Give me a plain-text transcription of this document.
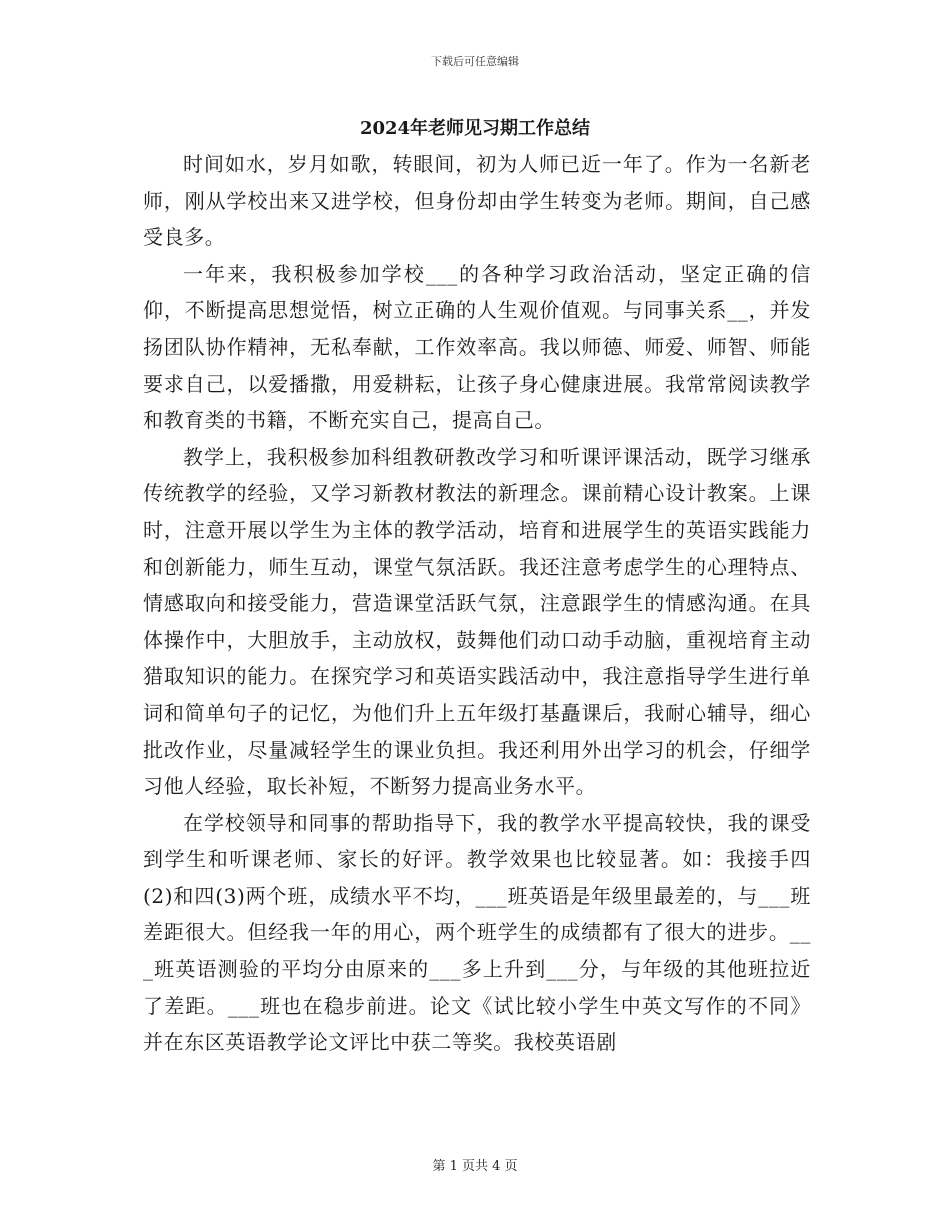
下载后可任意编辑
2024年老师见习期工作总结

时间如水，岁月如歌，转眼间，初为人师已近一年了。作为一名新老师，刚从学校出来又进学校，但身份却由学生转变为老师。期间，自己感受良多。

一年来，我积极参加学校___的各种学习政治活动，坚定正确的信仰，不断提高思想觉悟，树立正确的人生观价值观。与同事关系__，并发扬团队协作精神，无私奉献，工作效率高。我以师德、师爱、师智、师能要求自己，以爱播撒，用爱耕耘，让孩子身心健康进展。我常常阅读教学和教育类的书籍，不断充实自己，提高自己。

教学上，我积极参加科组教研教改学习和听课评课活动，既学习继承传统教学的经验，又学习新教材教法的新理念。课前精心设计教案。上课时，注意开展以学生为主体的教学活动，培育和进展学生的英语实践能力和创新能力，师生互动，课堂气氛活跃。我还注意考虑学生的心理特点、情感取向和接受能力，营造课堂活跃气氛，注意跟学生的情感沟通。在具体操作中，大胆放手，主动放权，鼓舞他们动口动手动脑，重视培育主动猎取知识的能力。在探究学习和英语实践活动中，我注意指导学生进行单词和简单句子的记忆，为他们升上五年级打基矗课后，我耐心辅导，细心批改作业，尽量减轻学生的课业负担。我还利用外出学习的机会，仔细学习他人经验，取长补短，不断努力提高业务水平。

在学校领导和同事的帮助指导下，我的教学水平提高较快，我的课受到学生和听课老师、家长的好评。教学效果也比较显著。如：我接手四(2)和四(3)两个班，成绩水平不均，___班英语是年级里最差的，与___班差距很大。但经我一年的用心，两个班学生的成绩都有了很大的进步。___班英语测验的平均分由原来的___多上升到___分，与年级的其他班拉近了差距。___班也在稳步前进。论文《试比较小学生中英文写作的不同》并在东区英语教学论文评比中获二等奖。我校英语剧

第 1 页共 4 页
